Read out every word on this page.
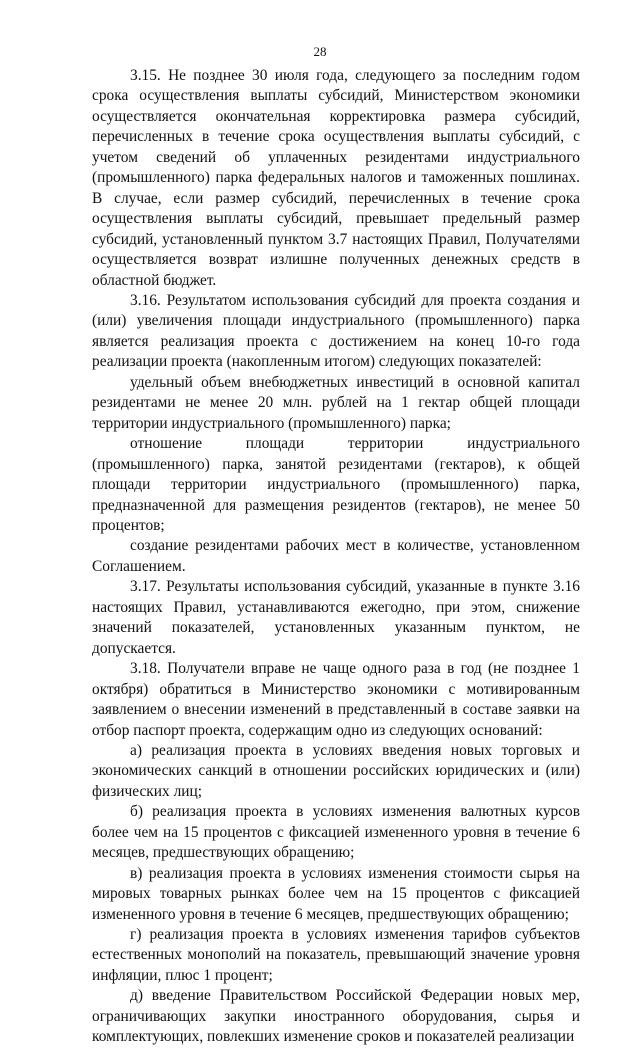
28

3.15. Не позднее 30 июля года, следующего за последним годом срока осуществления выплаты субсидий, Министерством экономики осуществляется окончательная корректировка размера субсидий, перечисленных в течение срока осуществления выплаты субсидий, с учетом сведений об уплаченных резидентами индустриального (промышленного) парка федеральных налогов и таможенных пошлинах. В случае, если размер субсидий, перечисленных в течение срока осуществления выплаты субсидий, превышает предельный размер субсидий, установленный пунктом 3.7 настоящих Правил, Получателями осуществляется возврат излишне полученных денежных средств в областной бюджет.

3.16. Результатом использования субсидий для проекта создания и (или) увеличения площади индустриального (промышленного) парка является реализация проекта с достижением на конец 10-го года реализации проекта (накопленным итогом) следующих показателей:

удельный объем внебюджетных инвестиций в основной капитал резидентами не менее 20 млн. рублей на 1 гектар общей площади территории индустриального (промышленного) парка;

отношение площади территории индустриального (промышленного) парка, занятой резидентами (гектаров), к общей площади территории индустриального (промышленного) парка, предназначенной для размещения резидентов (гектаров), не менее 50 процентов;

создание резидентами рабочих мест в количестве, установленном Соглашением.

3.17. Результаты использования субсидий, указанные в пункте 3.16 настоящих Правил, устанавливаются ежегодно, при этом, снижение значений показателей, установленных указанным пунктом, не допускается.

3.18. Получатели вправе не чаще одного раза в год (не позднее 1 октября) обратиться в Министерство экономики с мотивированным заявлением о внесении изменений в представленный в составе заявки на отбор паспорт проекта, содержащим одно из следующих оснований:

а) реализация проекта в условиях введения новых торговых и экономических санкций в отношении российских юридических и (или) физических лиц;

б) реализация проекта в условиях изменения валютных курсов более чем на 15 процентов с фиксацией измененного уровня в течение 6 месяцев, предшествующих обращению;

в) реализация проекта в условиях изменения стоимости сырья на мировых товарных рынках более чем на 15 процентов с фиксацией измененного уровня в течение 6 месяцев, предшествующих обращению;

г) реализация проекта в условиях изменения тарифов субъектов естественных монополий на показатель, превышающий значение уровня инфляции, плюс 1 процент;

д) введение Правительством Российской Федерации новых мер, ограничивающих закупки иностранного оборудования, сырья и комплектующих, повлекших изменение сроков и показателей реализации
